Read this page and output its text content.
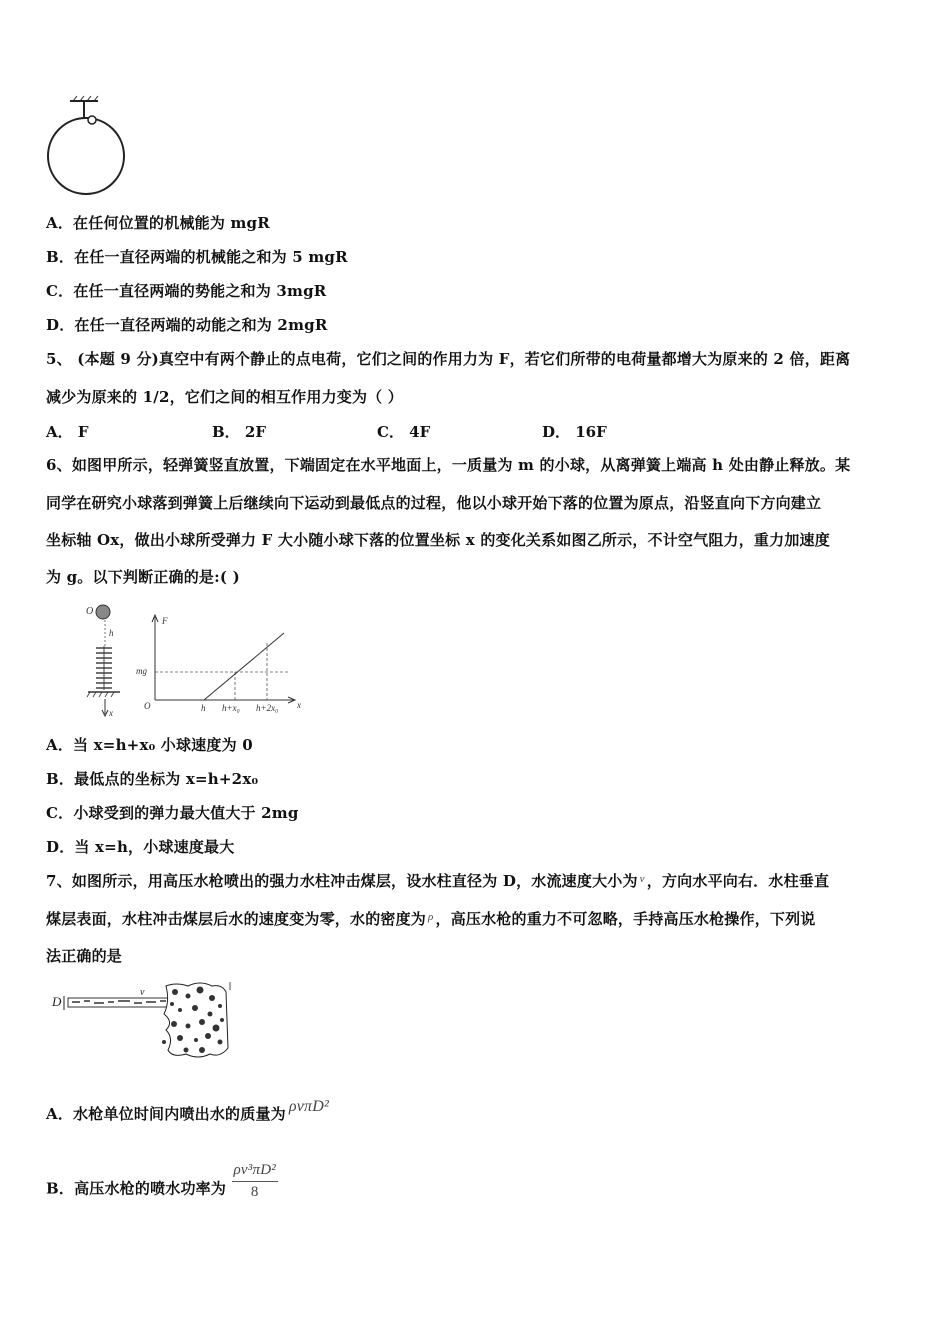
A．在任何位置的机械能为 mgR
B．在任一直径两端的机械能之和为 5 mgR
C．在任一直径两端的势能之和为 3mgR
D．在任一直径两端的动能之和为 2mgR
5、 (本题 9 分)真空中有两个静止的点电荷，它们之间的作用力为 F，若它们所带的电荷量都增大为原来的 2 倍，距离
减少为原来的 1/2，它们之间的相互作用力变为（ ）
A． F	B． 2F	C． 4F	D． 16F
6、如图甲所示，轻弹簧竖直放置，下端固定在水平地面上，一质量为 m 的小球，从离弹簧上端高 h 处由静止释放。某
同学在研究小球落到弹簧上后继续向下运动到最低点的过程，他以小球开始下落的位置为原点，沿竖直向下方向建立
坐标轴 Ox，做出小球所受弹力 F 大小随小球下落的位置坐标 x 的变化关系如图乙所示，不计空气阻力，重力加速度
为 g。以下判断正确的是:( )
O
h
x
F
x
O
mg
h h+x₀ h+2x₀
A．当 x=h+x₀ 小球速度为 0
B．最低点的坐标为 x=h+2x₀
C．小球受到的弹力最大值大于 2mg
D．当 x=h，小球速度最大
7、如图所示，用高压水枪喷出的强力水柱冲击煤层，设水柱直径为 D，水流速度大小为 $^v$ ，方向水平向右．水柱垂直
煤层表面，水柱冲击煤层后水的速度变为零，水的密度为 $^\rho$ ，高压水枪的重力不可忽略，手持高压水枪操作，下列说
法正确的是
D
v
A．水枪单位时间内喷出水的质量为 ρvπD²
B．高压水枪的喷水功率为 $\frac{\text{ρv³πD²}}{8}$
